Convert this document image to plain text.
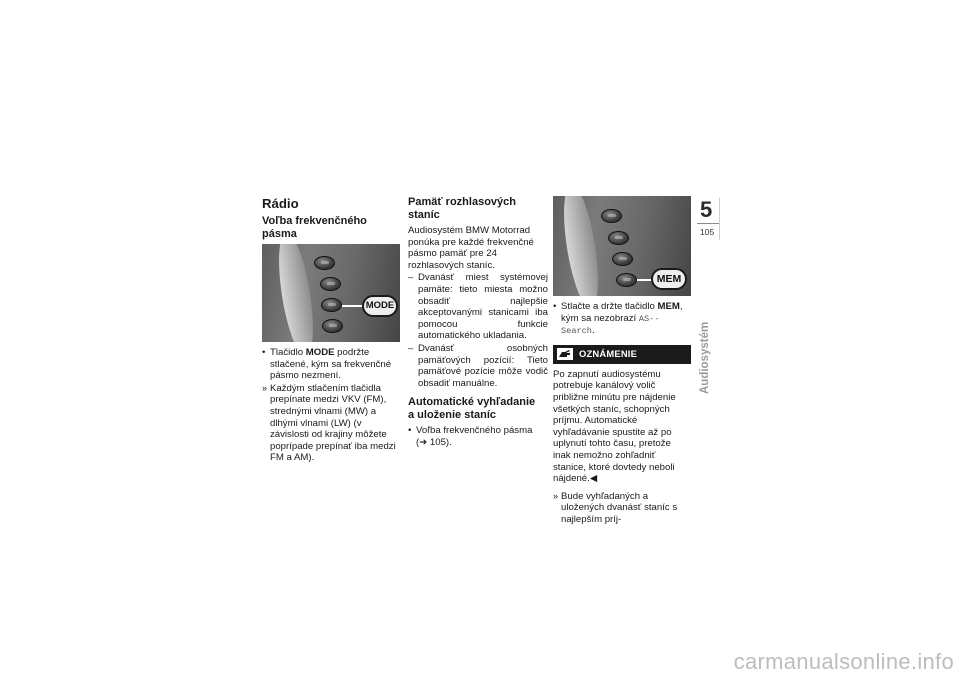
Rádio
Voľba frekvenčného
pásma
MODE
• Tlačidlo MODE podržte stlačené, kým sa frekvenčné pásmo nezmení.
» Každým stlačením tlačidla prepínate medzi VKV (FM), strednými vlnami (MW) a dlhými vlnami (LW) (v závislosti od krajiny môžete poprípade prepínať iba medzi FM a AM).
Pamäť rozhlasových
staníc
Audiosystém BMW Motorrad ponúka pre každé frekvenčné pásmo pamäť pre 24 rozhlasových staníc.
– Dvanásť miest systémovej pamäte: tieto miesta možno obsadiť najlepšie akceptovanými stanicami iba pomocou funkcie automatického ukladania.
– Dvanásť osobných pamäťových pozícií: Tieto pamäťové pozície môže vodič obsadiť manuálne.
Automatické vyhľadanie
a uloženie staníc
• Voľba frekvenčného pásma
(➔ 105).
MEM
• Stlačte a držte tlačidlo MEM, kým sa nezobrazí AS--Search.
OZNÁMENIE
Po zapnutí audiosystému potrebuje kanálový volič približne minútu pre nájdenie všetkých staníc, schopných príjmu. Automatické vyhľadávanie spustite až po uplynutí tohto času, pretože inak nemožno zohľadniť stanice, ktoré dovtedy neboli nájdené.◀
» Bude vyhľadaných a uložených dvanásť staníc s najlepším príj-
5
105
Audiosystém
carmanualsonline.info
